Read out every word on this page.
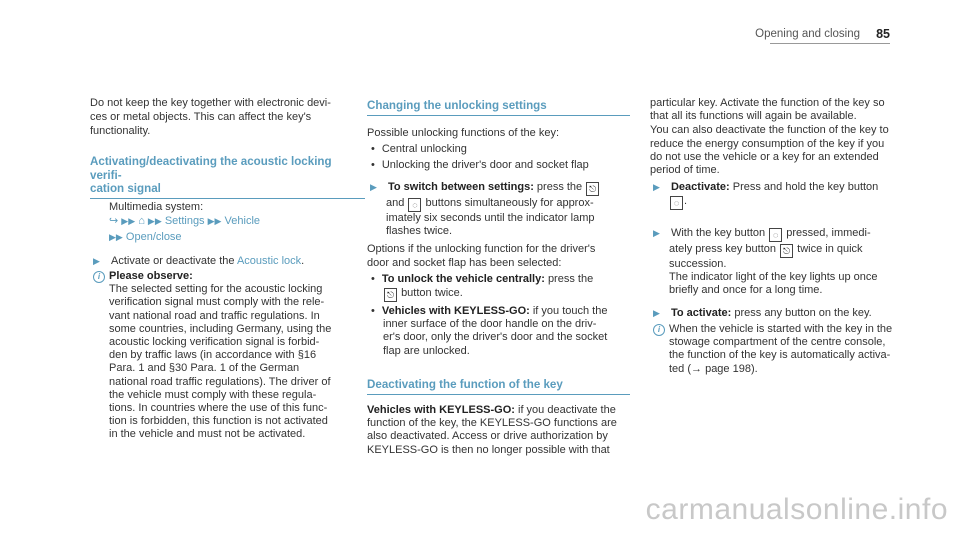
Opening and closing 85

Do not keep the key together with electronic devi-

ces or metal objects. This can affect the key's

functionality.

Activating/deactivating the acoustic locking verifi-

cation signal

Multimedia system:

↪ ▶▶ ⌂ ▶▶ Settings ▶▶ Vehicle
▶▶ Open/close
▶ Activate or deactivate the Acoustic lock.
i Please observe:

The selected setting for the acoustic locking

verification signal must comply with the rele-

vant national road and traffic regulations. In

some countries, including Germany, using the

acoustic locking verification signal is forbid-

den by traffic laws (in accordance with §16

Para. 1 and §30 Para. 1 of the German

national road traffic regulations). The driver of

the vehicle must comply with these regula-

tions. In countries where the use of this func-

tion is forbidden, this function is not activated

in the vehicle and must not be activated.

Changing the unlocking settings

Possible unlocking functions of the key:

• Central unlocking
• Unlocking the driver's door and socket flap
▶ To switch between settings: press the ⎋
and ◌ buttons simultaneously for approx-

imately six seconds until the indicator lamp

flashes twice.

Options if the unlocking function for the driver's

door and socket flap has been selected:

• To unlock the vehicle centrally: press the
⎋ button twice.
• Vehicles with KEYLESS-GO: if you touch the

inner surface of the door handle on the driv-

er's door, only the driver's door and the socket

flap are unlocked.

Deactivating the function of the key

Vehicles with KEYLESS-GO: if you deactivate the

function of the key, the KEYLESS-GO functions are

also deactivated. Access or drive authorization by

KEYLESS-GO is then no longer possible with that

particular key. Activate the function of the key so

that all its functions will again be available.

You can also deactivate the function of the key to

reduce the energy consumption of the key if you

do not use the vehicle or a key for an extended

period of time.

▶ Deactivate: Press and hold the key button
◌ .
▶ With the key button ◌ pressed, immedi-
ately press key button ⎋ twice in quick

succession.

The indicator light of the key lights up once

briefly and once for a long time.

▶ To activate: press any button on the key.
i When the vehicle is started with the key in the

stowage compartment of the centre console,

the function of the key is automatically activa-

ted (→ page 198).
carmanualsonline.info
